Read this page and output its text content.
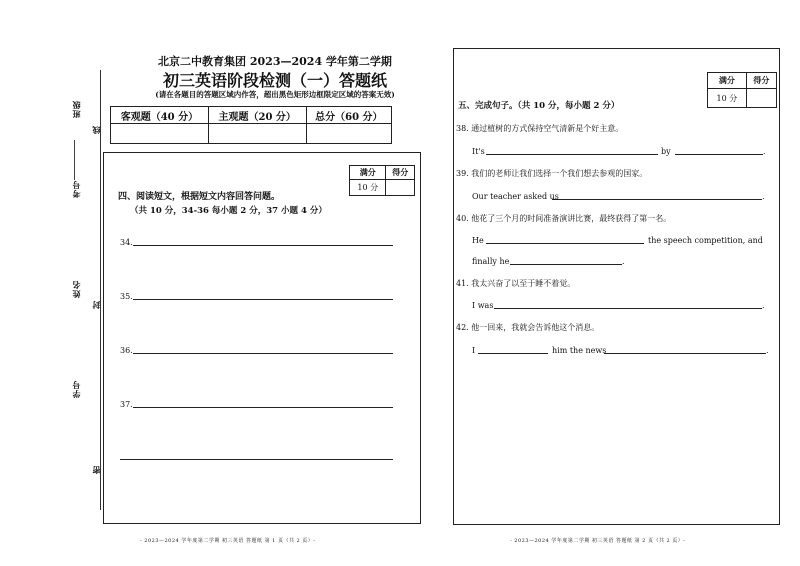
班级
考号
姓名
学号
线
封
密
北京二中教育集团 2023—2024 学年第二学期
初三英语阶段检测（一）答题纸
(请在各题目的答题区域内作答，超出黑色矩形边框限定区域的答案无效)
客观题（40 分）	主观题（20 分）	总分（60 分）

满分	得分
10 分	
四、阅读短文，根据短文内容回答问题。
（共 10 分，34-36 每小题 2 分，37 小题 4 分）
34.
35.
36.
37.
- 2023—2024 学年度第二学期 初三英语 答题纸 第 1 页（共 2 页）-
满分	得分
10 分	
五、完成句子。（共 10 分，每小题 2 分）
38. 通过植树的方式保持空气清新是个好主意。
It's	by	.
39. 我们的老师让我们选择一个我们想去参观的国家。
Our teacher asked us	.
40. 他花了三个月的时间准备演讲比赛，最终获得了第一名。
He	the speech competition, and
finally he	.
41. 我太兴奋了以至于睡不着觉。
I was	.
42. 他一回来，我就会告诉他这个消息。
I	him the news	.
- 2023—2024 学年度第二学期 初三英语 答题纸 第 2 页（共 2 页）-
